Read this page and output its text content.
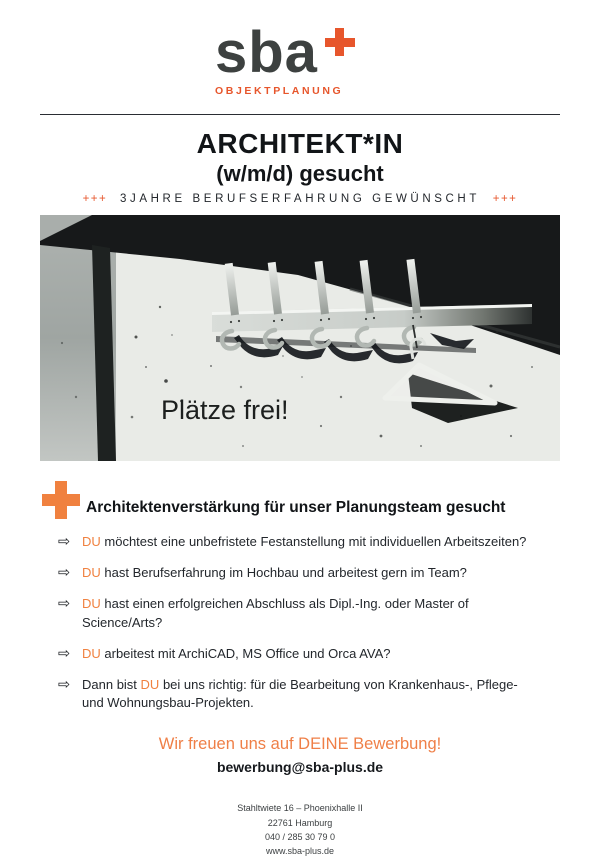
sba
OBJEKTPLANUNG
ARCHITEKT*IN
(w/m/d) gesucht
+++ 3JAHRE BERUFSERFAHRUNG GEWÜNSCHT +++
Plätze frei!
Architektenverstärkung für unser Planungsteam gesucht
⇨ DU möchtest eine unbefristete Festanstellung mit individuellen Arbeitszeiten?

⇨ DU hast Berufserfahrung im Hochbau und arbeitest gern im Team?

⇨ DU hast einen erfolgreichen Abschluss als Dipl.-Ing. oder Master of Science/Arts?

⇨ DU arbeitest mit ArchiCAD, MS Office und Orca AVA?

⇨ Dann bist DU bei uns richtig: für die Bearbeitung von Krankenhaus-, Pflege- und Wohnungsbau-Projekten.

Wir freuen uns auf DEINE Bewerbung!
bewerbung@sba-plus.de
Stahltwiete 16 – Phoenixhalle II
22761 Hamburg
040 / 285 30 79 0
www.sba-plus.de
